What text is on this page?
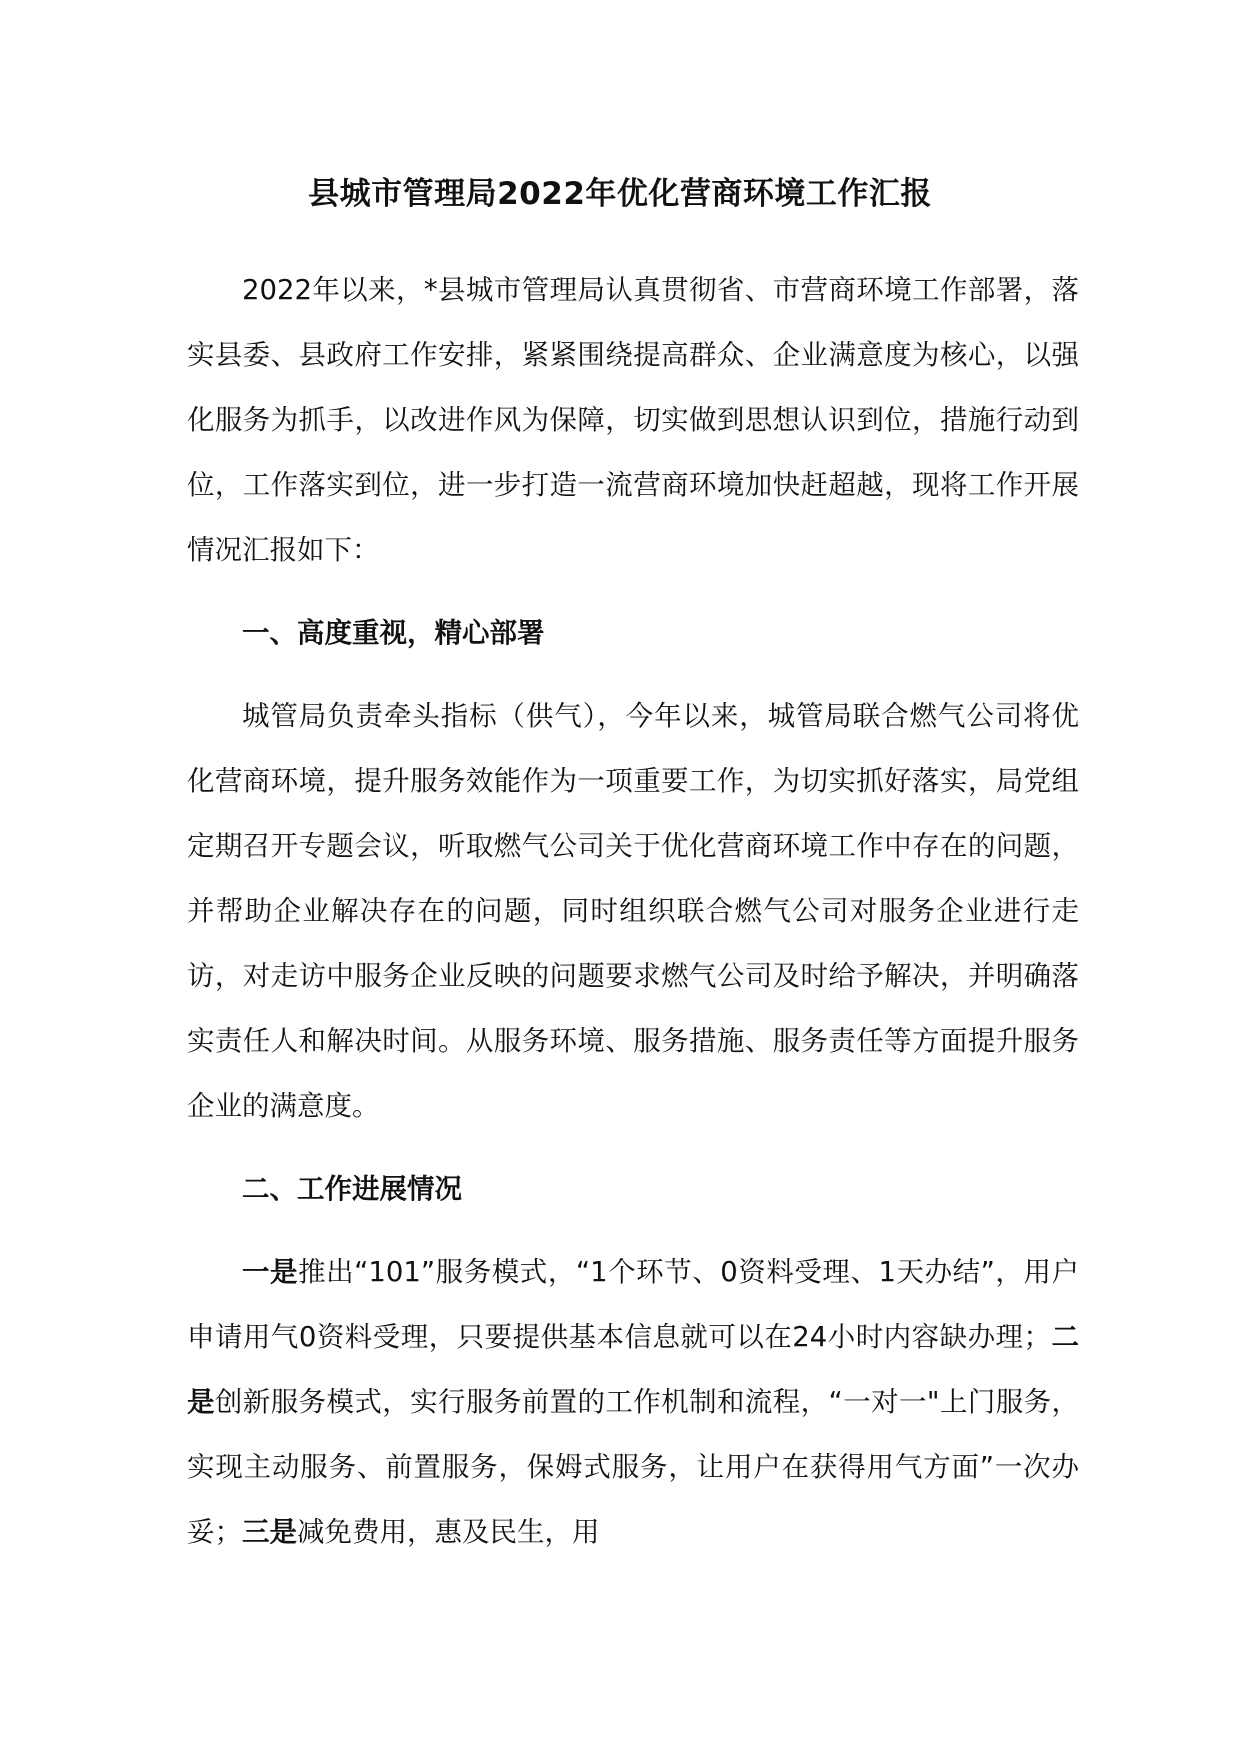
县城市管理局2022年优化营商环境工作汇报

2022年以来，*县城市管理局认真贯彻省、市营商环境工作部署，落实县委、县政府工作安排，紧紧围绕提高群众、企业满意度为核心，以强化服务为抓手，以改进作风为保障，切实做到思想认识到位，措施行动到位，工作落实到位，进一步打造一流营商环境加快赶超越，现将工作开展情况汇报如下：

一、高度重视，精心部署

城管局负责牵头指标（供气），今年以来，城管局联合燃气公司将优化营商环境，提升服务效能作为一项重要工作，为切实抓好落实，局党组定期召开专题会议，听取燃气公司关于优化营商环境工作中存在的问题，并帮助企业解决存在的问题，同时组织联合燃气公司对服务企业进行走访，对走访中服务企业反映的问题要求燃气公司及时给予解决，并明确落实责任人和解决时间。从服务环境、服务措施、服务责任等方面提升服务企业的满意度。

二、工作进展情况

一是推出“101”服务模式，“1个环节、0资料受理、1天办结”，用户申请用气0资料受理，只要提供基本信息就可以在24小时内容缺办理；二是创新服务模式，实行服务前置的工作机制和流程，“一对一"上门服务，实现主动服务、前置服务，保姆式服务，让用户在获得用气方面”一次办妥；三是减免费用，惠及民生，用
